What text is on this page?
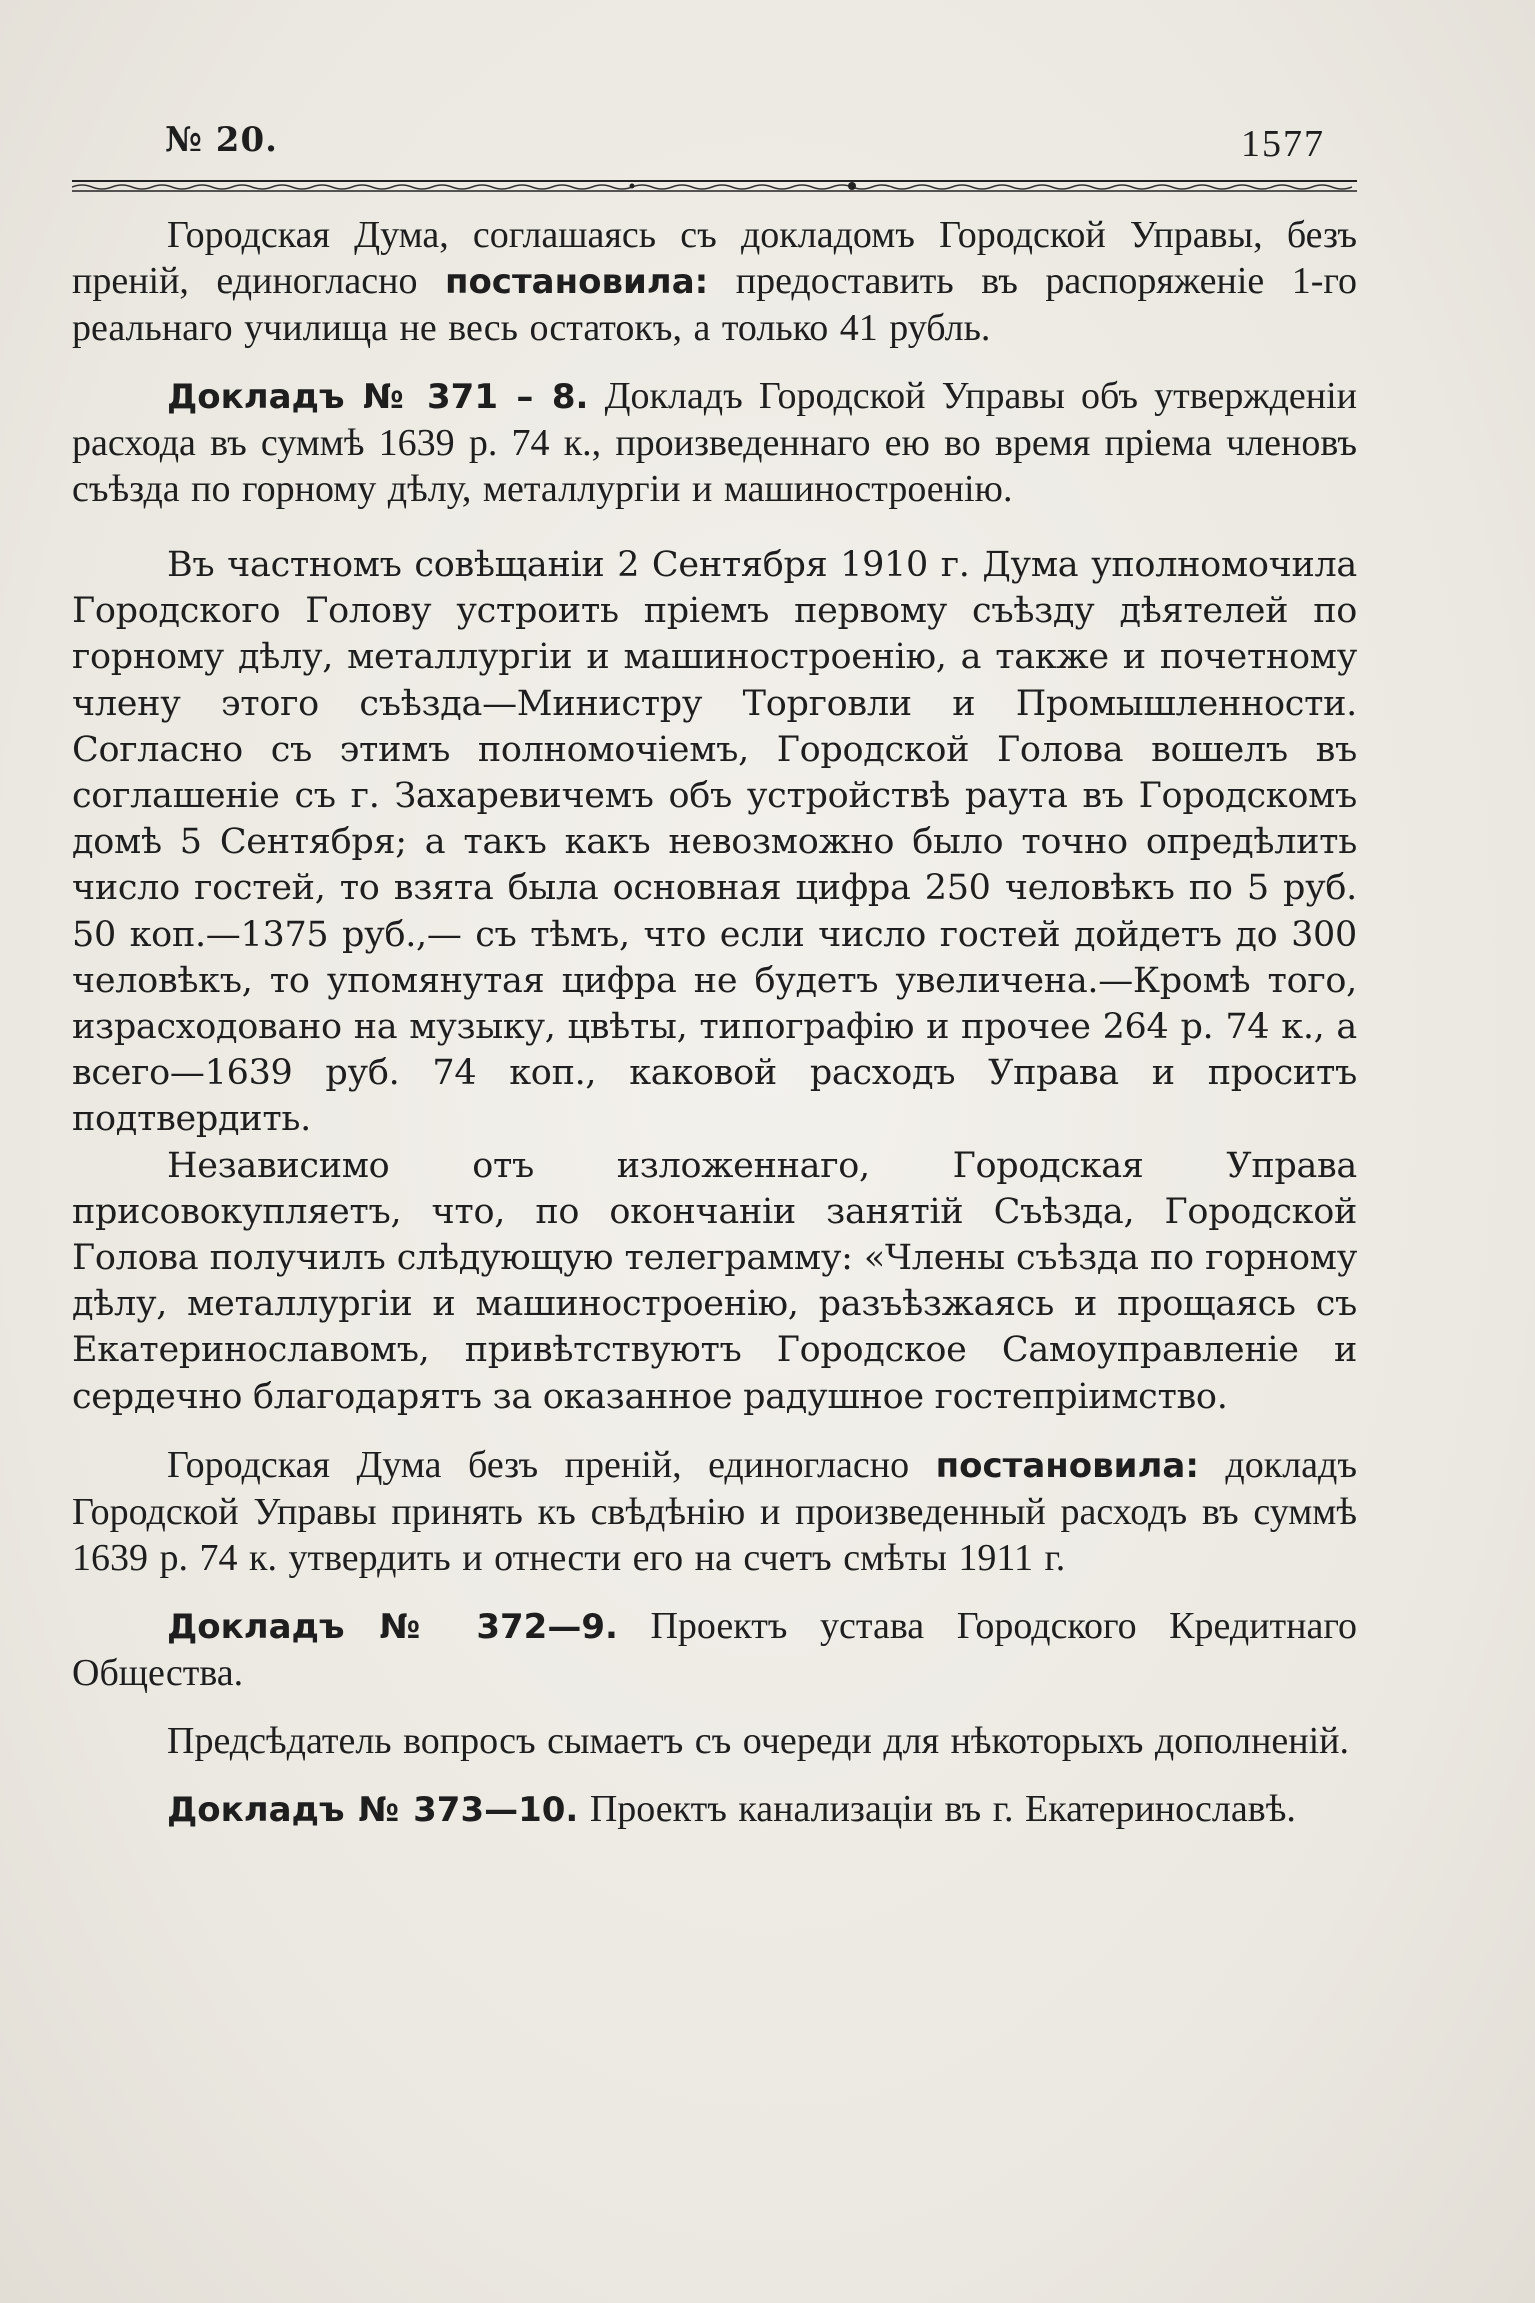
№ 20.	1577

Городская Дума, соглашаясь съ докладомъ Городской Управы, безъ преній, единогласно постановила: предоставить въ распоряженіе 1-го реальнаго училища не весь остатокъ, а только 41 рубль.

Докладъ № 371 – 8. Докладъ Городской Управы объ утвержденіи расхода въ суммѣ 1639 р. 74 к., произведеннаго ею во время пріема членовъ съѣзда по горному дѣлу, металлургіи и машиностроенію.

Въ частномъ совѣщаніи 2 Сентября 1910 г. Дума уполномочила Городского Голову устроить пріемъ первому съѣзду дѣятелей по горному дѣлу, металлургіи и машиностроенію, а также и почетному члену этого съѣзда—Министру Торговли и Промышленности. Согласно съ этимъ полномочіемъ, Городской Голова вошелъ въ соглашеніе съ г. Захаревичемъ объ устройствѣ раута въ Городскомъ домѣ 5 Сентября; а такъ какъ невозможно было точно опредѣлить число гостей, то взята была основная цифра 250 человѣкъ по 5 руб. 50 коп.—1375 руб.,— съ тѣмъ, что если число гостей дойдетъ до 300 человѣкъ, то упомянутая цифра не будетъ увеличена.—Кромѣ того, израсходовано на музыку, цвѣты, типографію и прочее 264 р. 74 к., а всего—1639 руб. 74 коп., каковой расходъ Управа и проситъ подтвердить.

Независимо отъ изложеннаго, Городская Управа присовокупляетъ, что, по окончаніи занятій Съѣзда, Городской Голова получилъ слѣдующую телеграмму: «Члены съѣзда по горному дѣлу, металлургіи и машиностроенію, разъѣзжаясь и прощаясь съ Екатеринославомъ, привѣтствуютъ Городское Самоуправленіе и сердечно благодарятъ за оказанное радушное гостепріимство.

Городская Дума безъ преній, единогласно постановила: докладъ Городской Управы принять къ свѣдѣнію и произведенный расходъ въ суммѣ 1639 р. 74 к. утвердить и отнести его на счетъ смѣты 1911 г.

Докладъ № 372—9. Проектъ устава Городского Кредитнаго Общества.

Предсѣдатель вопросъ сымаетъ съ очереди для нѣкоторыхъ дополненій.

Докладъ № 373—10. Проектъ канализаціи въ г. Екатеринославѣ.
